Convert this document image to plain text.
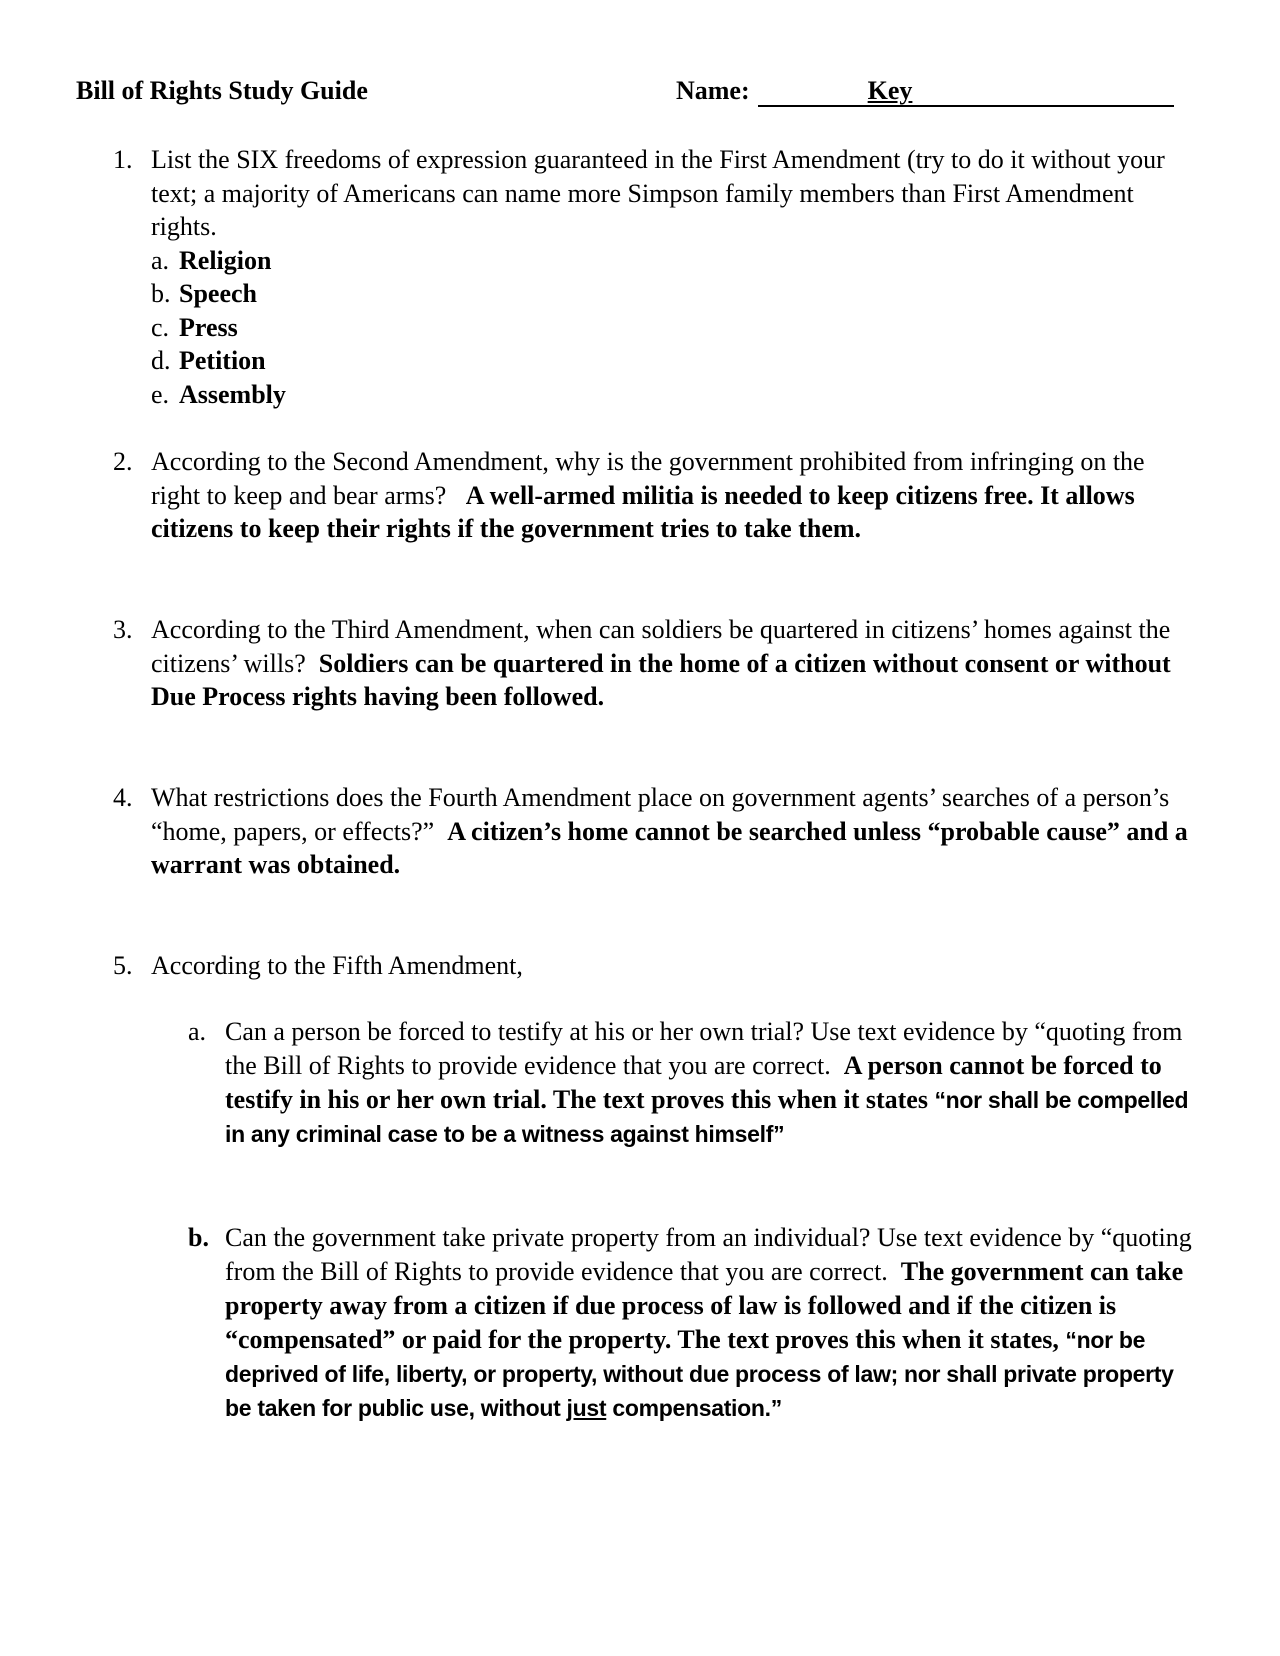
Bill of Rights Study Guide	Name:	Key
1. List the SIX freedoms of expression guaranteed in the First Amendment (try to do it without your text; a majority of Americans can name more Simpson family members than First Amendment rights.
a. Religion
b. Speech
c. Press
d. Petition
e. Assembly
2. According to the Second Amendment, why is the government prohibited from infringing on the right to keep and bear arms? A well-armed militia is needed to keep citizens free. It allows citizens to keep their rights if the government tries to take them.
3. According to the Third Amendment, when can soldiers be quartered in citizens’ homes against the citizens’ wills? Soldiers can be quartered in the home of a citizen without consent or without Due Process rights having been followed.
4. What restrictions does the Fourth Amendment place on government agents’ searches of a person’s “home, papers, or effects?” A citizen’s home cannot be searched unless “probable cause” and a warrant was obtained.
5. According to the Fifth Amendment,
a. Can a person be forced to testify at his or her own trial? Use text evidence by “quoting from the Bill of Rights to provide evidence that you are correct. A person cannot be forced to testify in his or her own trial. The text proves this when it states “nor shall be compelled in any criminal case to be a witness against himself”
b. Can the government take private property from an individual? Use text evidence by “quoting from the Bill of Rights to provide evidence that you are correct. The government can take property away from a citizen if due process of law is followed and if the citizen is “compensated” or paid for the property. The text proves this when it states, “nor be deprived of life, liberty, or property, without due process of law; nor shall private property be taken for public use, without just compensation.”
